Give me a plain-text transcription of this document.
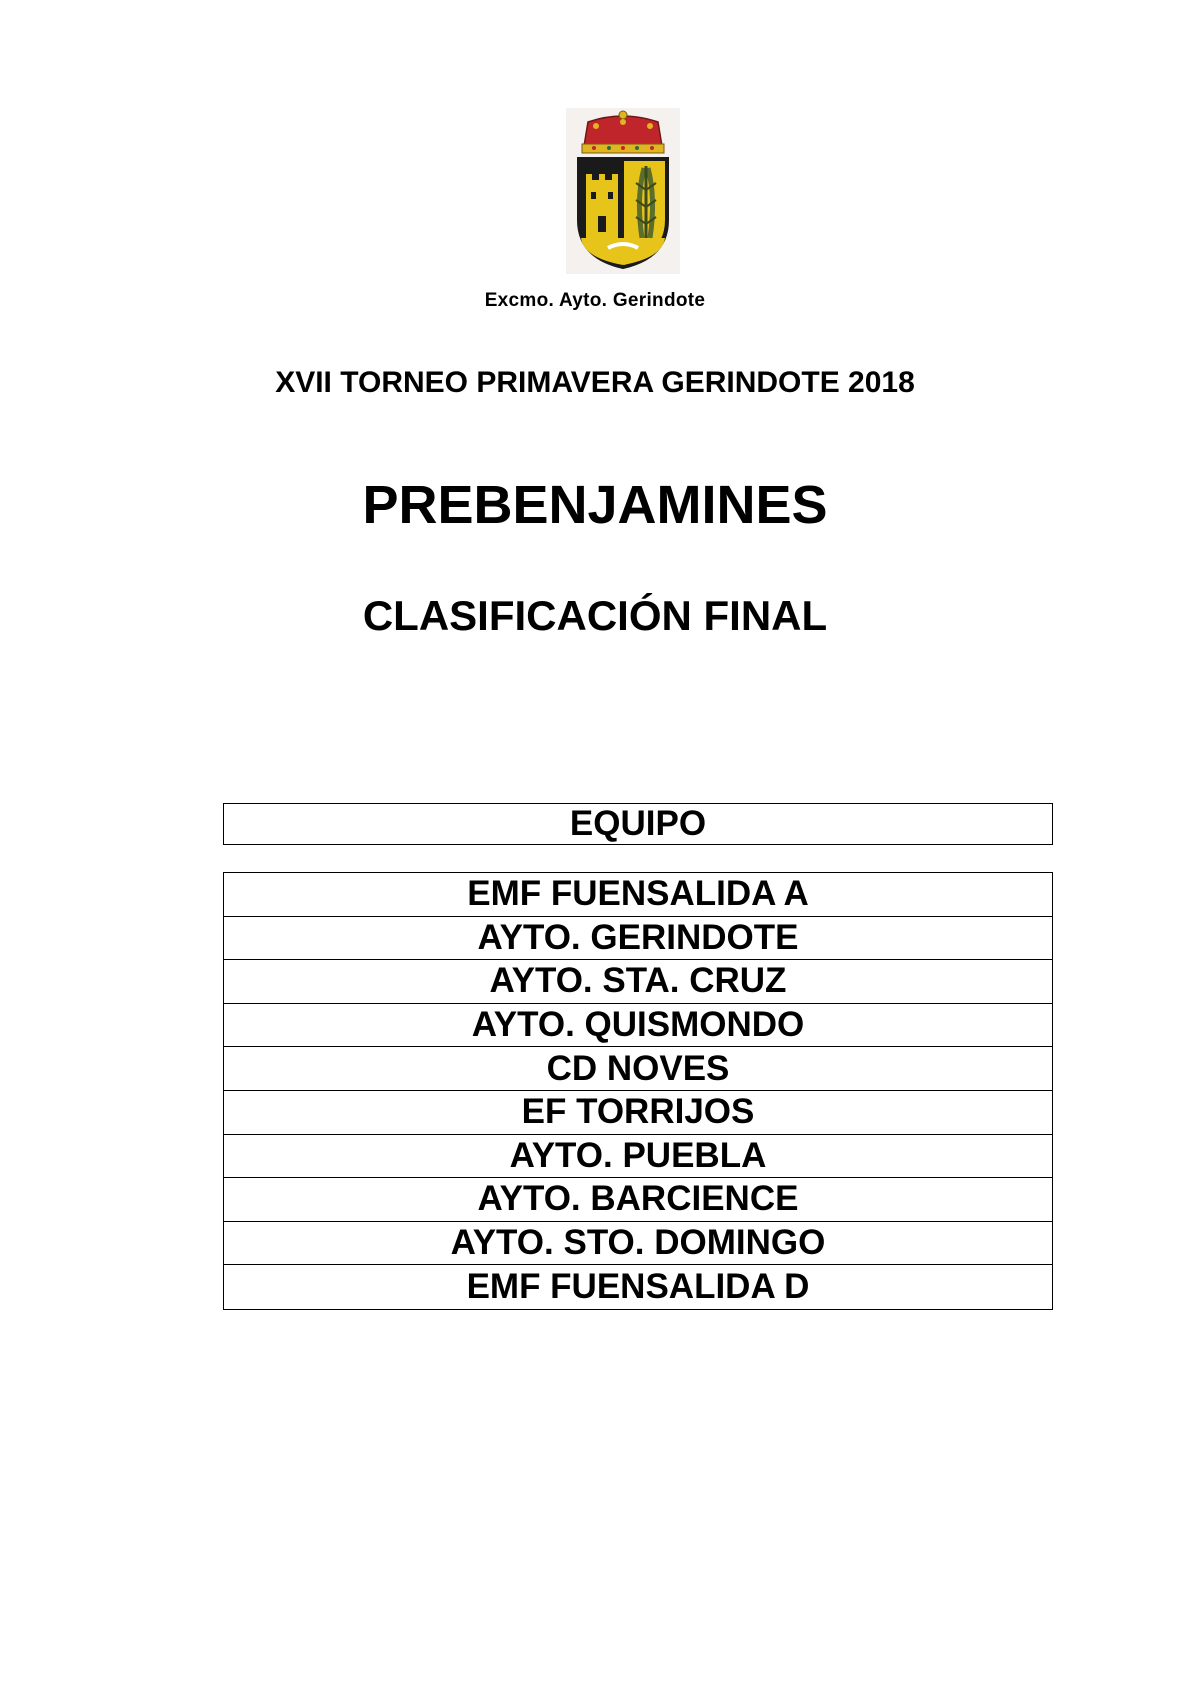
Excmo. Ayto. Gerindote
XVII TORNEO PRIMAVERA GERINDOTE 2018
PREBENJAMINES
CLASIFICACIÓN FINAL
EQUIPO
EMF FUENSALIDA A
AYTO. GERINDOTE
AYTO. STA. CRUZ
AYTO. QUISMONDO
CD NOVES
EF TORRIJOS
AYTO. PUEBLA
AYTO. BARCIENCE
AYTO. STO. DOMINGO
EMF FUENSALIDA D
